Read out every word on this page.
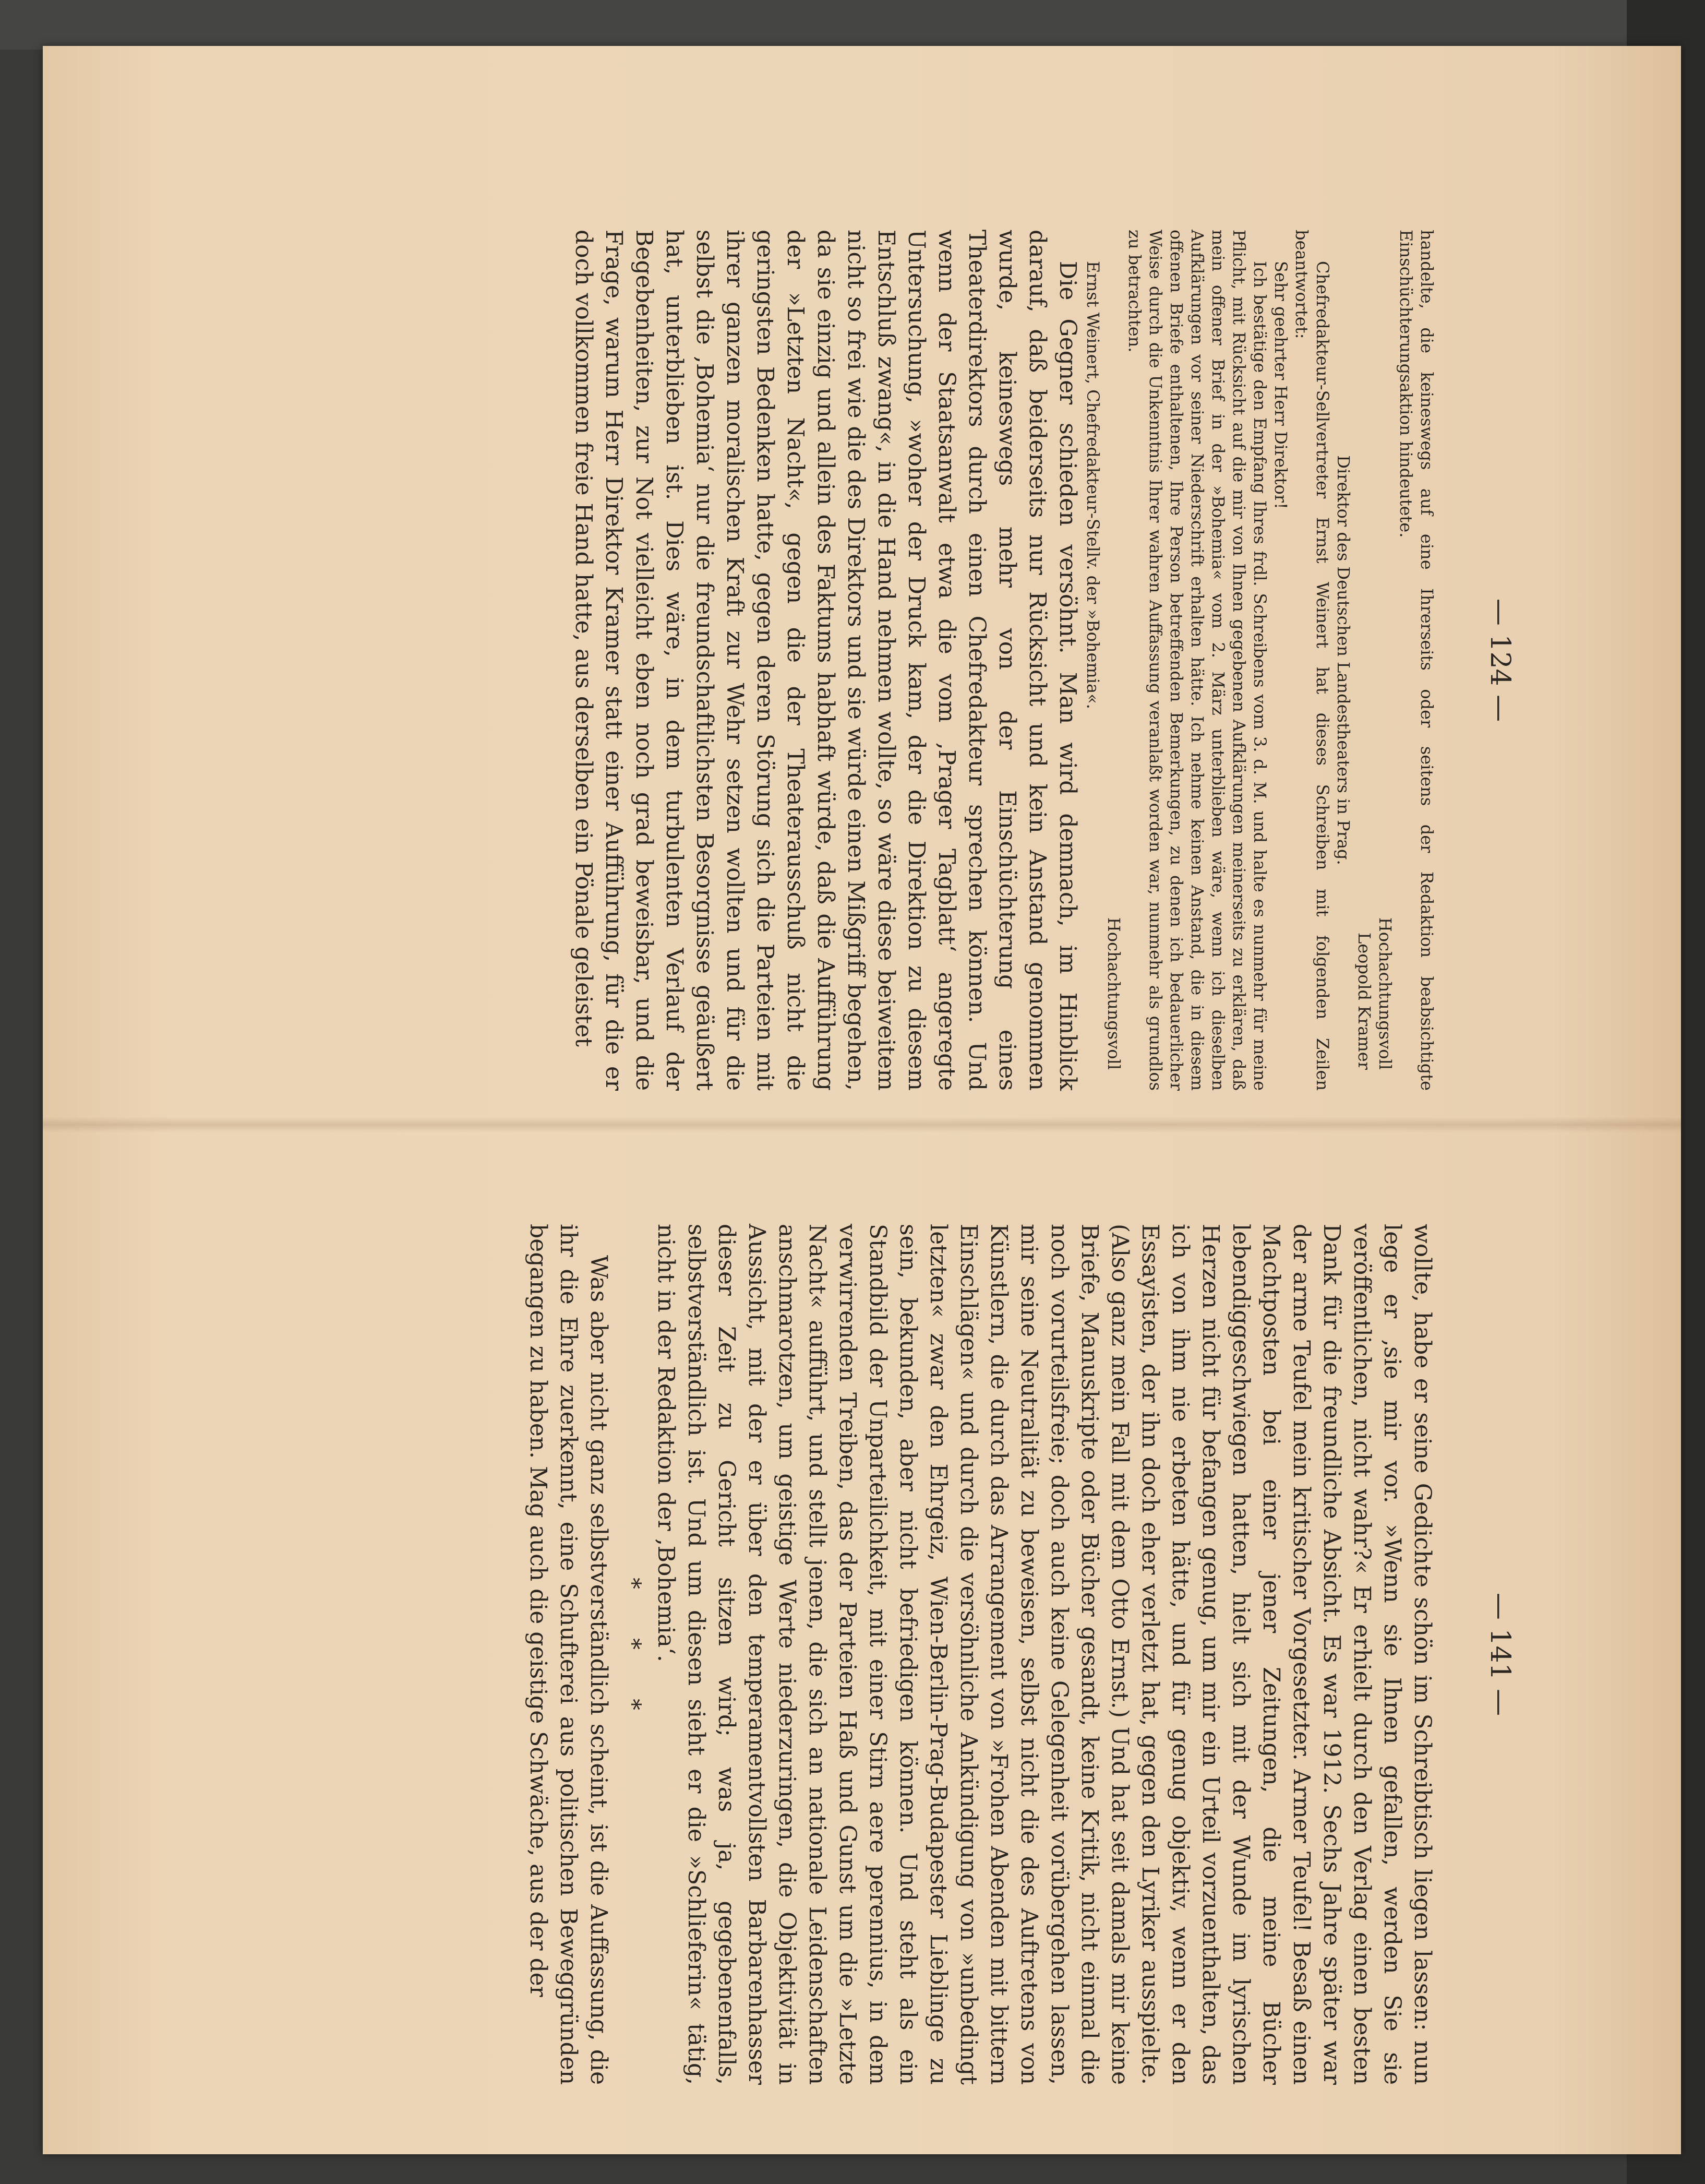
— 124 —

handelte, die keineswegs auf eine Ihrerseits oder seitens der Redaktion beabsichtigte Einschüchterungsaktion hindeutete.

Hochachtungsvoll

Leopold Kramer

Direktor des Deutschen Landestheaters in Prag.

Chefredakteur-Sellvertreter Ernst Weinert hat dieses Schreiben mit folgenden Zeilen beantwortet:

Sehr geehrter Herr Direktor!

Ich bestätige den Empfang Ihres frdl. Schreibens vom 3. d. M. und halte es nunmehr für meine Pflicht, mit Rücksicht auf die mir von Ihnen gegebenen Aufklärungen meinerseits zu erklären, daß mein offener Brief in der »Bohemia« vom 2. März unterblieben wäre, wenn ich dieselben Aufklärungen vor seiner Niederschrift erhalten hätte. Ich nehme keinen Anstand, die in diesem offenen Briefe enthaltenen, Ihre Person betreffenden Bemerkungen, zu denen ich bedauerlicher Weise durch die Unkenntnis Ihrer wahren Auffassung veranlaßt worden war, nunmehr als grundlos zu betrachten.

Hochachtungsvoll

Ernst Weinert, Chefredakteur-Stellv. der »Bohemia«.

Die Gegner schieden versöhnt. Man wird demnach, im Hinblick darauf, daß beiderseits nur Rücksicht und kein Anstand genommen wurde, keineswegs mehr von der Einschüchterung eines Theaterdirektors durch einen Chefredakteur sprechen können. Und wenn der Staatsanwalt etwa die vom ‚Prager Tagblatt‘ angeregte Untersuchung, »woher der Druck kam, der die Direktion zu diesem Entschluß zwang«, in die Hand nehmen wollte, so wäre diese beiweitem nicht so frei wie die des Direktors und sie würde einen Mißgriff begehen, da sie einzig und allein des Faktums habhaft würde, daß die Aufführung der »Letzten Nacht«, gegen die der Theaterausschuß nicht die geringsten Bedenken hatte, gegen deren Störung sich die Parteien mit ihrer ganzen moralischen Kraft zur Wehr setzen wollten und für die selbst die ‚Bohemia‘ nur die freundschaftlichsten Besorgnisse geäußert hat, unterblieben ist. Dies wäre, in dem turbulenten Verlauf der Begebenheiten, zur Not vielleicht eben noch grad beweisbar, und die Frage, warum Herr Direktor Kramer statt einer Aufführung, für die er doch vollkommen freie Hand hatte, aus derselben ein Pönale geleistet

— 141 —

wollte, habe er seine Gedichte schön im Schreibtisch liegen lassen: nun lege er ‚sie mir vor. »Wenn sie Ihnen gefallen, werden Sie sie veröffentlichen, nicht wahr?« Er erhielt durch den Verlag einen besten Dank für die freundliche Absicht. Es war 1912. Sechs Jahre später war der arme Teufel mein kritischer Vorgesetzter. Armer Teufel! Besaß einen Machtposten bei einer jener Zeitungen, die meine Bücher lebendiggeschwiegen hatten, hielt sich mit der Wunde im lyrischen Herzen nicht für befangen genug, um mir ein Urteil vorzuenthalten, das ich von ihm nie erbeten hätte, und für genug objektiv, wenn er den Essayisten, der ihn doch eher verletzt hat, gegen den Lyriker ausspielte. (Also ganz mein Fall mit dem Otto Ernst.) Und hat seit damals mir keine Briefe, Manuskripte oder Bücher gesandt, keine Kritik, nicht einmal die noch vorurteilsfreie; doch auch keine Gelegenheit vorübergehen lassen, mir seine Neutralität zu beweisen, selbst nicht die des Auftretens von Künstlern, die durch das Arrangement von »Frohen Abenden mit bittern Einschlägen« und durch die versöhnliche Ankündigung von »unbedingt letzten« zwar den Ehrgeiz, Wien-Berlin-Prag-Budapester Lieblinge zu sein, bekunden, aber nicht befriedigen können. Und steht als ein Standbild der Unparteilichkeit, mit einer Stirn aere perennius, in dem verwirrenden Treiben, das der Parteien Haß und Gunst um die »Letzte Nacht« aufführt, und stellt jenen, die sich an nationale Leidenschaften anschmarotzen, um geistige Werte niederzuringen, die Objektivität in Aussicht, mit der er über den temperamentvollsten Barbarenhasser dieser Zeit zu Gericht sitzen wird; was ja, gegebenenfalls, selbstverständlich ist. Und um diesen sieht er die »Schlieferin« tätig, nicht in der Redaktion der ‚Bohemia‘.

* * *

Was aber nicht ganz selbstverständlich scheint, ist die Auffassung, die ihr die Ehre zuerkennt, eine Schufterei aus politischen Beweggründen begangen zu haben. Mag auch die geistige Schwäche, aus der der
